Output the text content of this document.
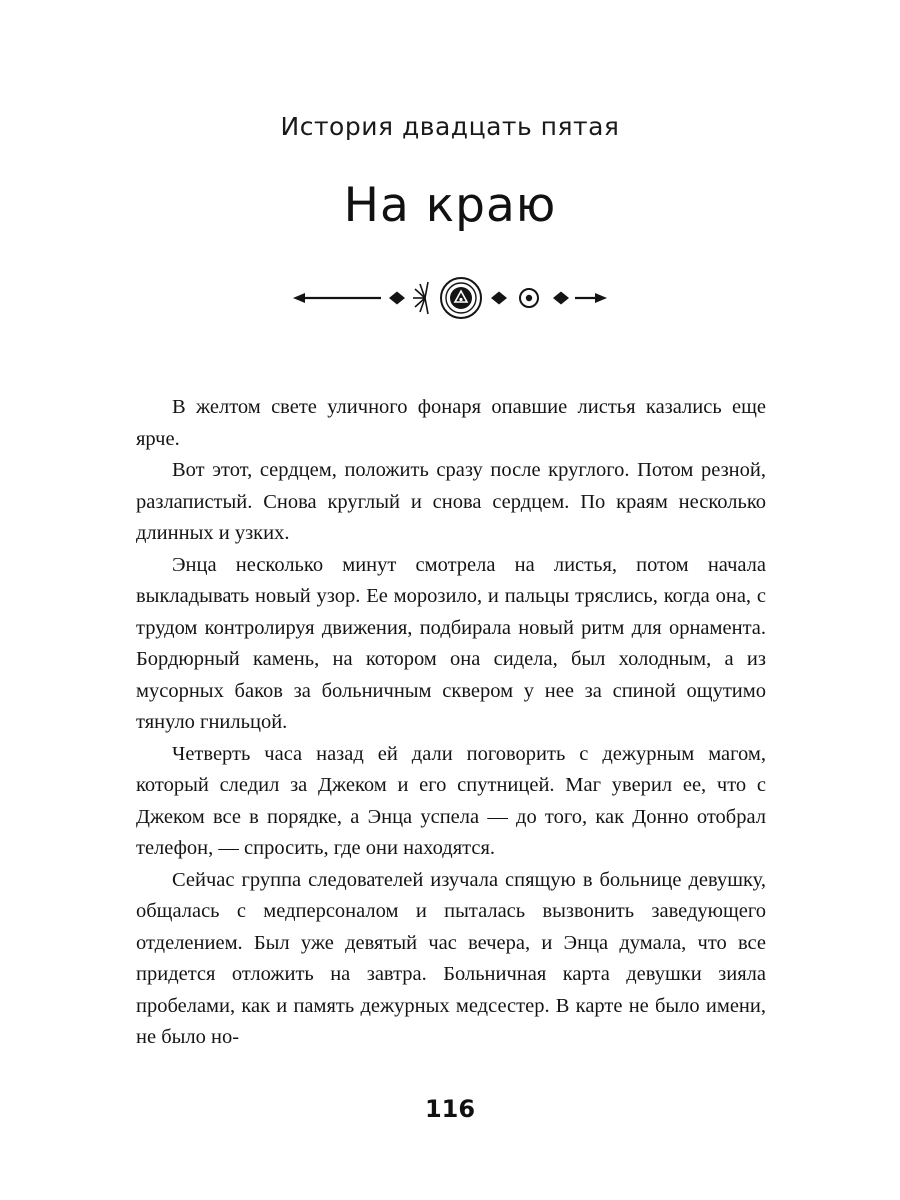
История двадцать пятая
На краю

В желтом свете уличного фонаря опавшие листья казались еще ярче.

Вот этот, сердцем, положить сразу после круглого. Потом резной, разлапистый. Снова круглый и снова сердцем. По краям несколько длинных и узких.

Энца несколько минут смотрела на листья, потом начала выкладывать новый узор. Ее морозило, и пальцы тряслись, когда она, с трудом контролируя движения, подбирала новый ритм для орнамента. Бордюрный камень, на котором она сидела, был холодным, а из мусорных баков за больничным сквером у нее за спиной ощутимо тянуло гнильцой.

Четверть часа назад ей дали поговорить с дежурным магом, который следил за Джеком и его спутницей. Маг уверил ее, что с Джеком все в порядке, а Энца успела — до того, как Донно отобрал телефон, — спросить, где они находятся.

Сейчас группа следователей изучала спящую в больнице девушку, общалась с медперсоналом и пыталась вызвонить заведующего отделением. Был уже девятый час вечера, и Энца думала, что все придется отложить на завтра. Больничная карта девушки зияла пробелами, как и память дежурных медсестер. В карте не было имени, не было но-

116
